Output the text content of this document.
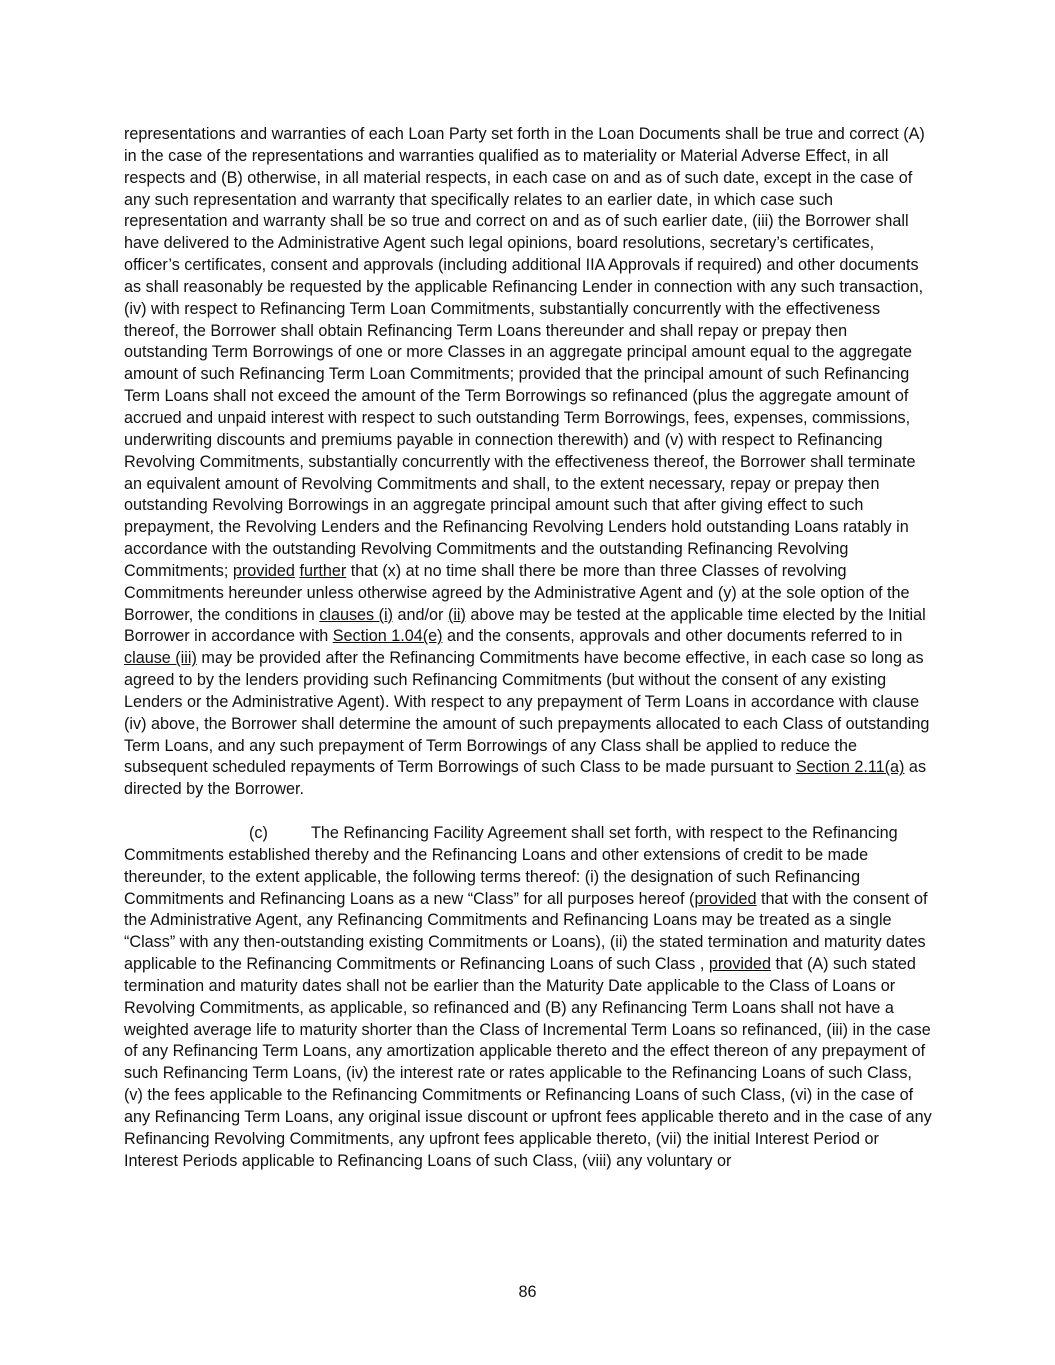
representations and warranties of each Loan Party set forth in the Loan Documents shall be true and correct (A) in the case of the representations and warranties qualified as to materiality or Material Adverse Effect, in all respects and (B) otherwise, in all material respects, in each case on and as of such date, except in the case of any such representation and warranty that specifically relates to an earlier date, in which case such representation and warranty shall be so true and correct on and as of such earlier date, (iii) the Borrower shall have delivered to the Administrative Agent such legal opinions, board resolutions, secretary’s certificates, officer’s certificates, consent and approvals (including additional IIA Approvals if required) and other documents as shall reasonably be requested by the applicable Refinancing Lender in connection with any such transaction, (iv) with respect to Refinancing Term Loan Commitments, substantially concurrently with the effectiveness thereof, the Borrower shall obtain Refinancing Term Loans thereunder and shall repay or prepay then outstanding Term Borrowings of one or more Classes in an aggregate principal amount equal to the aggregate amount of such Refinancing Term Loan Commitments; provided that the principal amount of such Refinancing Term Loans shall not exceed the amount of the Term Borrowings so refinanced (plus the aggregate amount of accrued and unpaid interest with respect to such outstanding Term Borrowings, fees, expenses, commissions, underwriting discounts and premiums payable in connection therewith) and (v) with respect to Refinancing Revolving Commitments, substantially concurrently with the effectiveness thereof, the Borrower shall terminate an equivalent amount of Revolving Commitments and shall, to the extent necessary, repay or prepay then outstanding Revolving Borrowings in an aggregate principal amount such that after giving effect to such prepayment, the Revolving Lenders and the Refinancing Revolving Lenders hold outstanding Loans ratably in accordance with the outstanding Revolving Commitments and the outstanding Refinancing Revolving Commitments; provided further that (x) at no time shall there be more than three Classes of revolving Commitments hereunder unless otherwise agreed by the Administrative Agent and (y) at the sole option of the Borrower, the conditions in clauses (i) and/or (ii) above may be tested at the applicable time elected by the Initial Borrower in accordance with Section 1.04(e) and the consents, approvals and other documents referred to in clause (iii) may be provided after the Refinancing Commitments have become effective, in each case so long as agreed to by the lenders providing such Refinancing Commitments (but without the consent of any existing Lenders or the Administrative Agent). With respect to any prepayment of Term Loans in accordance with clause (iv) above, the Borrower shall determine the amount of such prepayments allocated to each Class of outstanding Term Loans, and any such prepayment of Term Borrowings of any Class shall be applied to reduce the subsequent scheduled repayments of Term Borrowings of such Class to be made pursuant to Section 2.11(a) as directed by the Borrower.

(c)	The Refinancing Facility Agreement shall set forth, with respect to the Refinancing Commitments established thereby and the Refinancing Loans and other extensions of credit to be made thereunder, to the extent applicable, the following terms thereof: (i) the designation of such Refinancing Commitments and Refinancing Loans as a new “Class” for all purposes hereof (provided that with the consent of the Administrative Agent, any Refinancing Commitments and Refinancing Loans may be treated as a single “Class” with any then-outstanding existing Commitments or Loans), (ii) the stated termination and maturity dates applicable to the Refinancing Commitments or Refinancing Loans of such Class , provided that (A) such stated termination and maturity dates shall not be earlier than the Maturity Date applicable to the Class of Loans or Revolving Commitments, as applicable, so refinanced and (B) any Refinancing Term Loans shall not have a weighted average life to maturity shorter than the Class of Incremental Term Loans so refinanced, (iii) in the case of any Refinancing Term Loans, any amortization applicable thereto and the effect thereon of any prepayment of such Refinancing Term Loans, (iv) the interest rate or rates applicable to the Refinancing Loans of such Class, (v) the fees applicable to the Refinancing Commitments or Refinancing Loans of such Class, (vi) in the case of any Refinancing Term Loans, any original issue discount or upfront fees applicable thereto and in the case of any Refinancing Revolving Commitments, any upfront fees applicable thereto, (vii) the initial Interest Period or Interest Periods applicable to Refinancing Loans of such Class, (viii) any voluntary or

86
